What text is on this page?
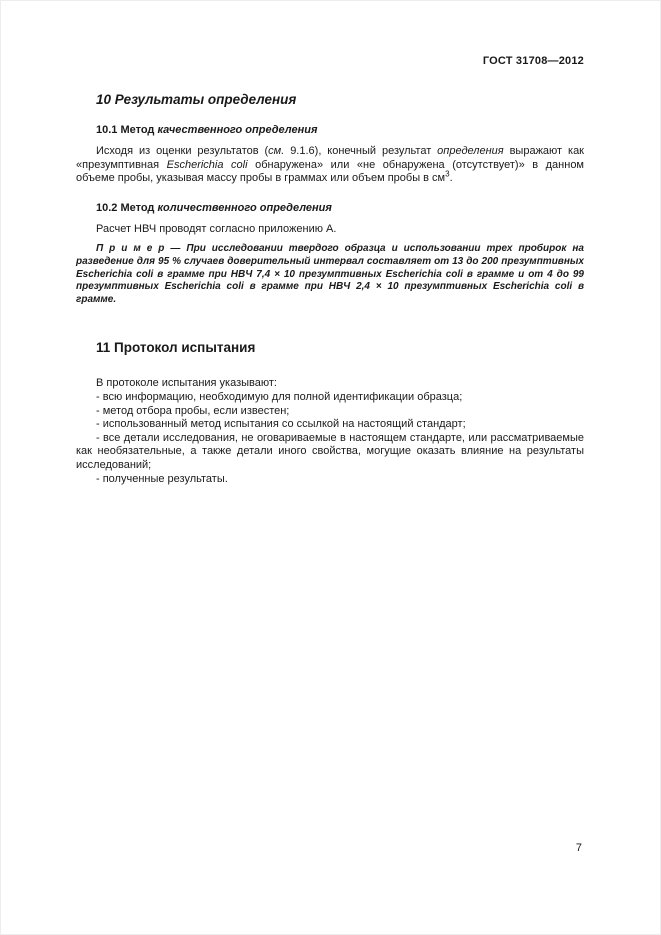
ГОСТ 31708—2012
10 Результаты определения
10.1 Метод качественного определения

Исходя из оценки результатов (см. 9.1.6), конечный результат определения выражают как «презумптивная Escherichia coli обнаружена» или «не обнаружена (отсутствует)» в данном объеме пробы, указывая массу пробы в граммах или объем пробы в $см^3$.

10.2 Метод количественного определения

Расчет НВЧ проводят согласно приложению А.

П р и м е р — При исследовании твердого образца и использовании трех пробирок на разведение для 95 % случаев доверительный интервал составляет от 13 до 200 презумптивных Escherichia coli в грамме при НВЧ 7,4 × 10 презумптивных Escherichia coli в грамме и от 4 до 99 презумптивных Escherichia coli в грамме при НВЧ 2,4 × 10 презумптивных Escherichia coli в грамме.

11 Протокол испытания

В протоколе испытания указывают:

- всю информацию, необходимую для полной идентификации образца;

- метод отбора пробы, если известен;

- использованный метод испытания со ссылкой на настоящий стандарт;

- все детали исследования, не оговариваемые в настоящем стандарте, или рассматриваемые как необязательные, а также детали иного свойства, могущие оказать влияние на результаты исследований;

- полученные результаты.

7
